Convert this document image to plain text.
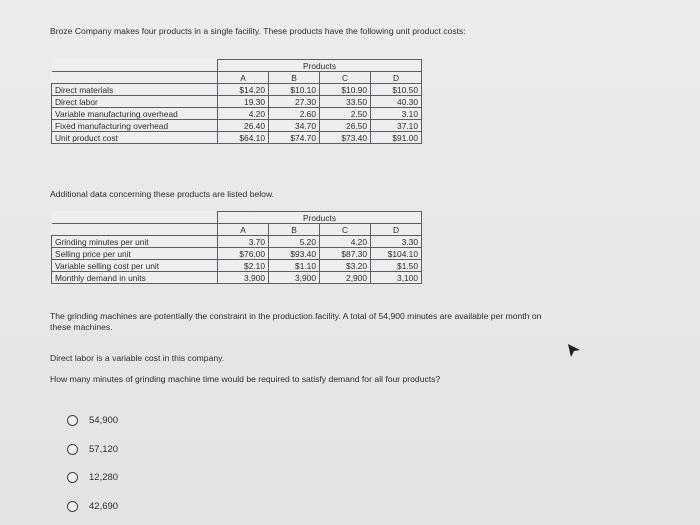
Broze Company makes four products in a single facility. These products have the following unit product costs:
	Products			
	A	B	C	D
Direct materials	$14.20	$10.10	$10.90	$10.50
Direct labor	19.30	27.30	33.50	40.30
Variable manufacturing overhead	4.20	2.60	2.50	3.10
Fixed manufacturing overhead	26.40	34.70	26.50	37.10
Unit product cost	$64.10	$74.70	$73.40	$91.00
Additional data concerning these products are listed below.
	Products			
	A	B	C	D
Grinding minutes per unit	3.70	5.20	4.20	3.30
Selling price per unit	$76.00	$93.40	$87.30	$104.10
Variable selling cost per unit	$2.10	$1.10	$3.20	$1.50
Monthly demand in units	3,900	3,900	2,900	3,100
The grinding machines are potentially the constraint in the production facility. A total of 54,900 minutes are available per month on these machines.
Direct labor is a variable cost in this company.
How many minutes of grinding machine time would be required to satisfy demand for all four products?
54,900
57,120
12,280
42,690
